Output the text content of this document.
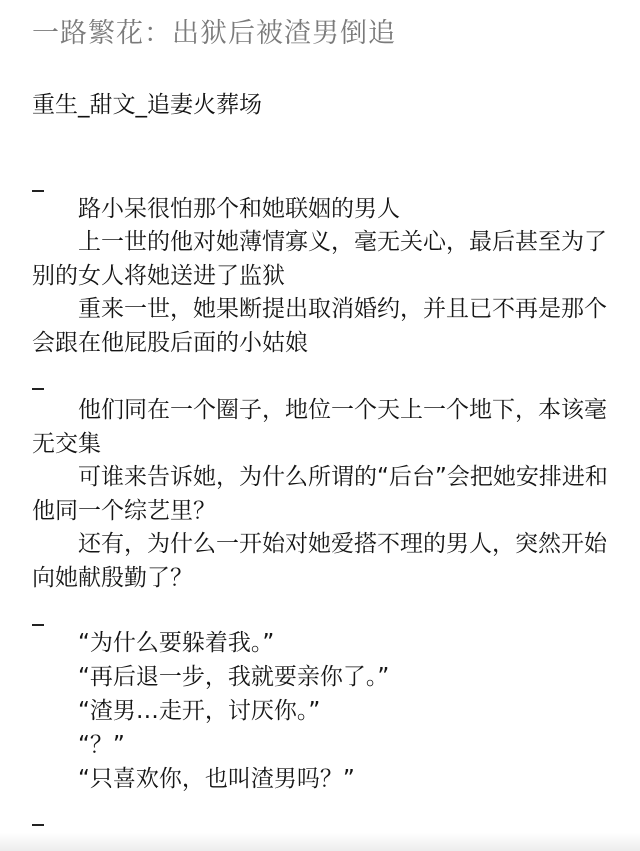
一路繁花：出狱后被渣男倒追
重生_甜文_追妻火葬场
路小呆很怕那个和她联姻的男人
上一世的他对她薄情寡义，毫无关心，最后甚至为了别的女人将她送进了监狱
重来一世，她果断提出取消婚约，并且已不再是那个会跟在他屁股后面的小姑娘
他们同在一个圈子，地位一个天上一个地下，本该毫无交集
可谁来告诉她，为什么所谓的“后台”会把她安排进和他同一个综艺里？
还有，为什么一开始对她爱搭不理的男人，突然开始向她献殷勤了？
“为什么要躲着我。”
“再后退一步，我就要亲你了。”
“渣男…走开，讨厌你。”
“？”
“只喜欢你，也叫渣男吗？”
